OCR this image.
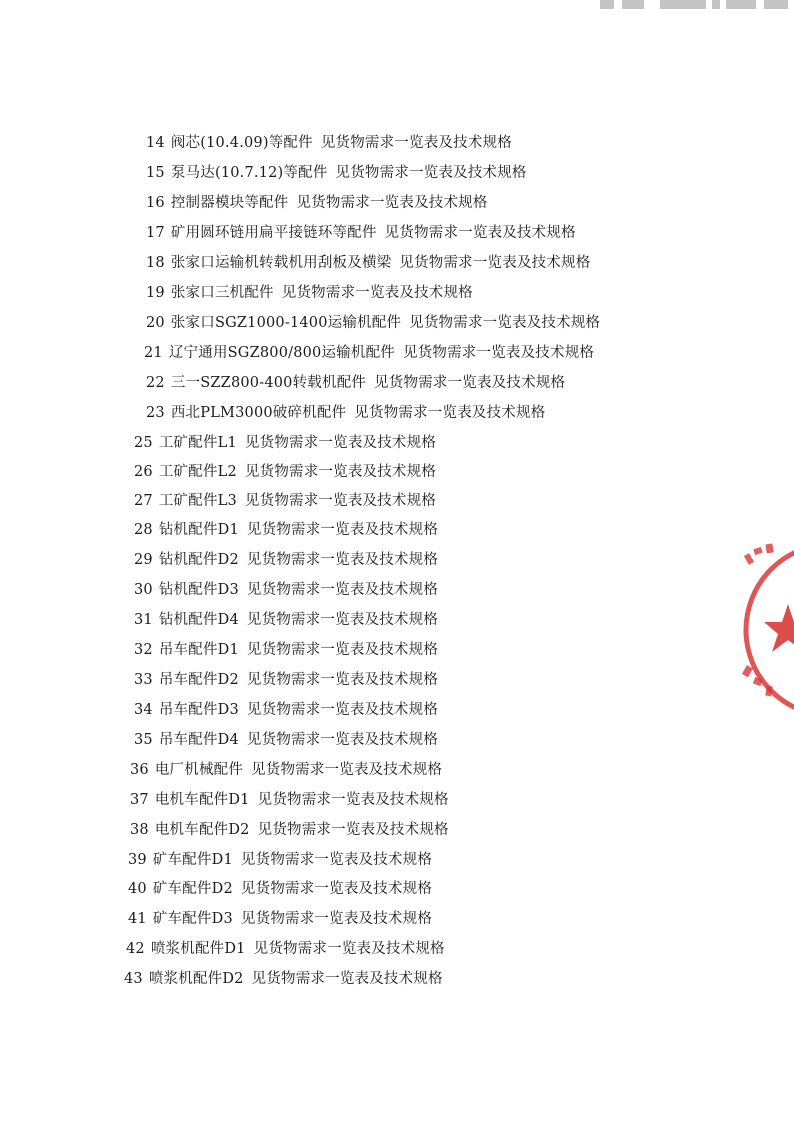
14 阀芯(10.4.09)等配件 见货物需求一览表及技术规格
15 泵马达(10.7.12)等配件 见货物需求一览表及技术规格
16 控制器模块等配件 见货物需求一览表及技术规格
17 矿用圆环链用扁平接链环等配件 见货物需求一览表及技术规格
18 张家口运输机转载机用刮板及横梁 见货物需求一览表及技术规格
19 张家口三机配件 见货物需求一览表及技术规格
20 张家口SGZ1000-1400运输机配件 见货物需求一览表及技术规格
21 辽宁通用SGZ800/800运输机配件 见货物需求一览表及技术规格
22 三一SZZ800-400转载机配件 见货物需求一览表及技术规格
23 西北PLM3000破碎机配件 见货物需求一览表及技术规格
25 工矿配件L1 见货物需求一览表及技术规格
26 工矿配件L2 见货物需求一览表及技术规格
27 工矿配件L3 见货物需求一览表及技术规格
28 钻机配件D1 见货物需求一览表及技术规格
29 钻机配件D2 见货物需求一览表及技术规格
30 钻机配件D3 见货物需求一览表及技术规格
31 钻机配件D4 见货物需求一览表及技术规格
32 吊车配件D1 见货物需求一览表及技术规格
33 吊车配件D2 见货物需求一览表及技术规格
34 吊车配件D3 见货物需求一览表及技术规格
35 吊车配件D4 见货物需求一览表及技术规格
36 电厂机械配件 见货物需求一览表及技术规格
37 电机车配件D1 见货物需求一览表及技术规格
38 电机车配件D2 见货物需求一览表及技术规格
39 矿车配件D1 见货物需求一览表及技术规格
40 矿车配件D2 见货物需求一览表及技术规格
41 矿车配件D3 见货物需求一览表及技术规格
42 喷浆机配件D1 见货物需求一览表及技术规格
43 喷浆机配件D2 见货物需求一览表及技术规格
